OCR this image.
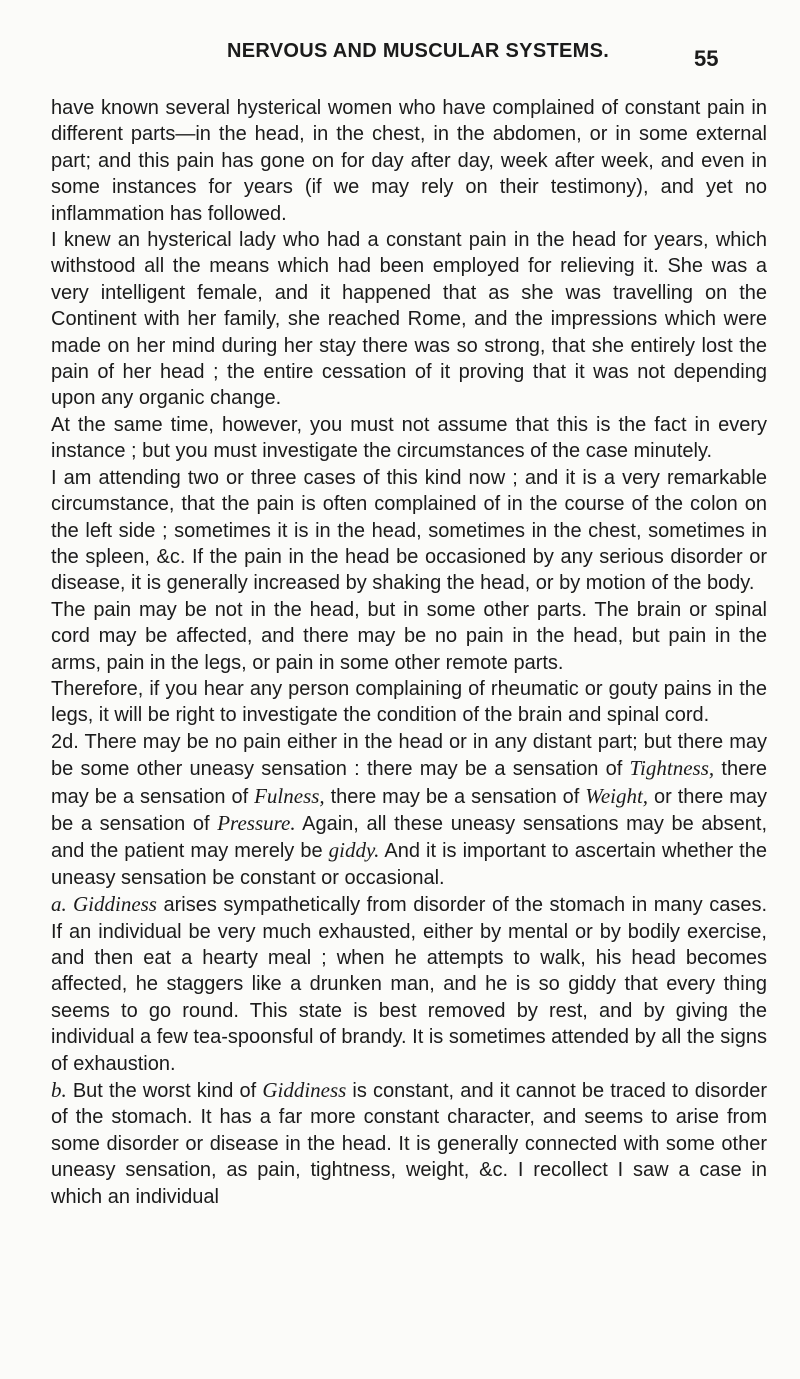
NERVOUS AND MUSCULAR SYSTEMS.	55

have known several hysterical women who have complained of constant pain in different parts—in the head, in the chest, in the abdomen, or in some external part; and this pain has gone on for day after day, week after week, and even in some instances for years (if we may rely on their testimony), and yet no inflammation has followed.

I knew an hysterical lady who had a constant pain in the head for years, which withstood all the means which had been employed for relieving it. She was a very intelligent female, and it happened that as she was travelling on the Continent with her family, she reached Rome, and the impressions which were made on her mind during her stay there was so strong, that she entirely lost the pain of her head ; the entire cessation of it proving that it was not depending upon any organic change.

At the same time, however, you must not assume that this is the fact in every instance ; but you must investigate the circumstances of the case minutely.

I am attending two or three cases of this kind now ; and it is a very remarkable circumstance, that the pain is often complained of in the course of the colon on the left side ; sometimes it is in the head, sometimes in the chest, sometimes in the spleen, &c. If the pain in the head be occasioned by any serious disorder or disease, it is generally increased by shaking the head, or by motion of the body.

The pain may be not in the head, but in some other parts. The brain or spinal cord may be affected, and there may be no pain in the head, but pain in the arms, pain in the legs, or pain in some other remote parts.

Therefore, if you hear any person complaining of rheumatic or gouty pains in the legs, it will be right to investigate the condition of the brain and spinal cord.

2d. There may be no pain either in the head or in any distant part; but there may be some other uneasy sensation : there may be a sensation of Tightness, there may be a sensation of Fulness, there may be a sensation of Weight, or there may be a sensation of Pressure. Again, all these uneasy sensations may be absent, and the patient may merely be giddy. And it is important to ascertain whether the uneasy sensation be constant or occasional.

a. Giddiness arises sympathetically from disorder of the stomach in many cases. If an individual be very much exhausted, either by mental or by bodily exercise, and then eat a hearty meal ; when he attempts to walk, his head becomes affected, he staggers like a drunken man, and he is so giddy that every thing seems to go round. This state is best removed by rest, and by giving the individual a few tea-spoonsful of brandy. It is sometimes attended by all the signs of exhaustion.

b. But the worst kind of Giddiness is constant, and it cannot be traced to disorder of the stomach. It has a far more constant character, and seems to arise from some disorder or disease in the head. It is generally connected with some other uneasy sensation, as pain, tightness, weight, &c. I recollect I saw a case in which an individual
